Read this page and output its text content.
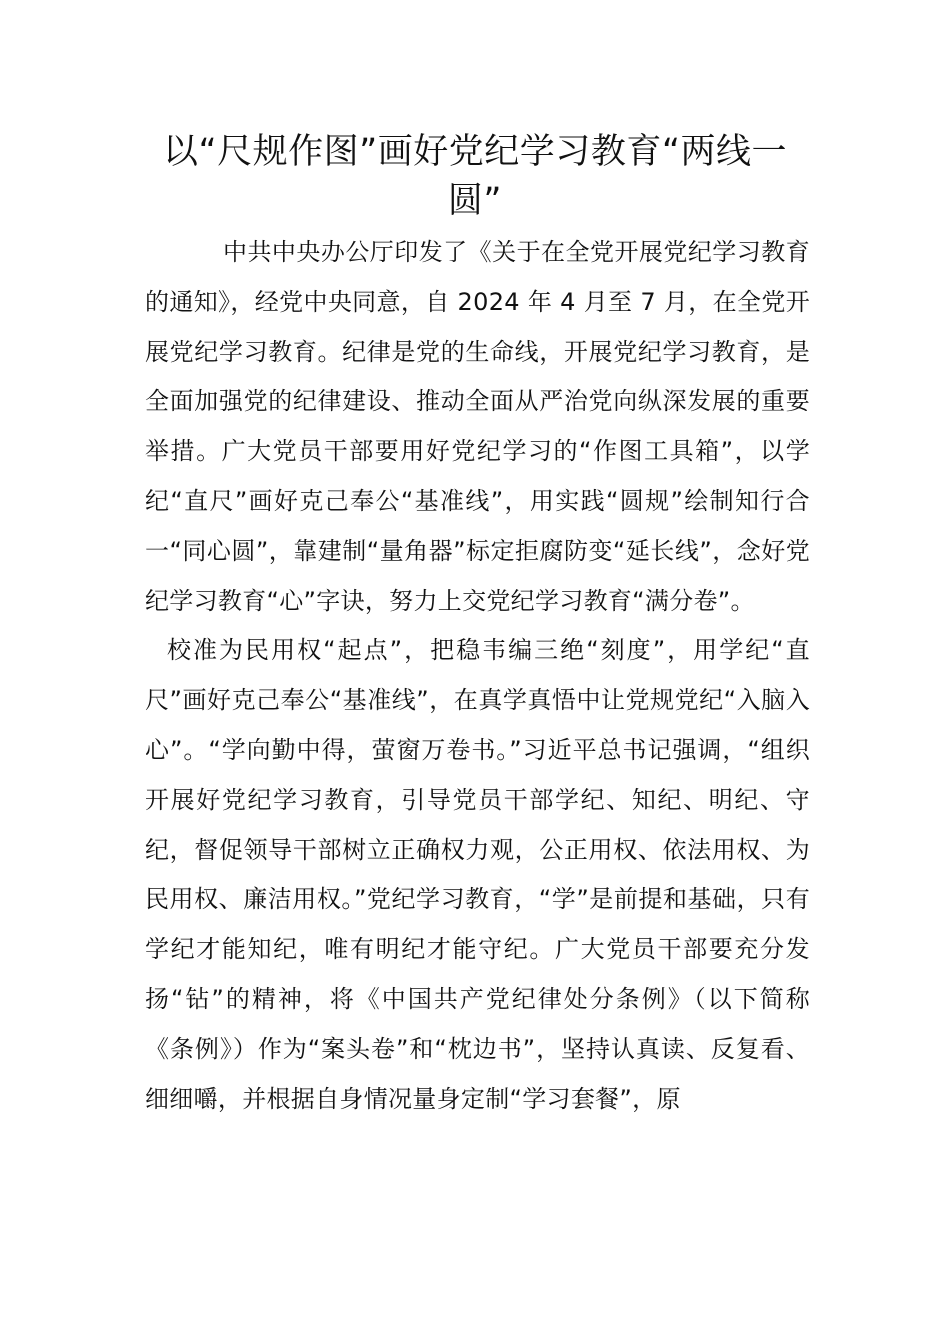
以“尺规作图”画好党纪学习教育“两线一圆”

中共中央办公厅印发了《关于在全党开展党纪学习教育的通知》，经党中央同意，自 2024 年 4 月至 7 月，在全党开展党纪学习教育。纪律是党的生命线，开展党纪学习教育，是全面加强党的纪律建设、推动全面从严治党向纵深发展的重要举措。广大党员干部要用好党纪学习的“作图工具箱”，以学纪“直尺”画好克己奉公“基准线”，用实践“圆规”绘制知行合一“同心圆”，靠建制“量角器”标定拒腐防变“延长线”，念好党纪学习教育“心”字诀，努力上交党纪学习教育“满分卷”。

校准为民用权“起点”，把稳韦编三绝“刻度”，用学纪“直尺”画好克己奉公“基准线”，在真学真悟中让党规党纪“入脑入心”。“学向勤中得，萤窗万卷书。”习近平总书记强调，“组织开展好党纪学习教育，引导党员干部学纪、知纪、明纪、守纪，督促领导干部树立正确权力观，公正用权、依法用权、为民用权、廉洁用权。”党纪学习教育，“学”是前提和基础，只有学纪才能知纪，唯有明纪才能守纪。广大党员干部要充分发扬“钻”的精神，将《中国共产党纪律处分条例》（以下简称《条例》）作为“案头卷”和“枕边书”，坚持认真读、反复看、细细嚼，并根据自身情况量身定制“学习套餐”，原
